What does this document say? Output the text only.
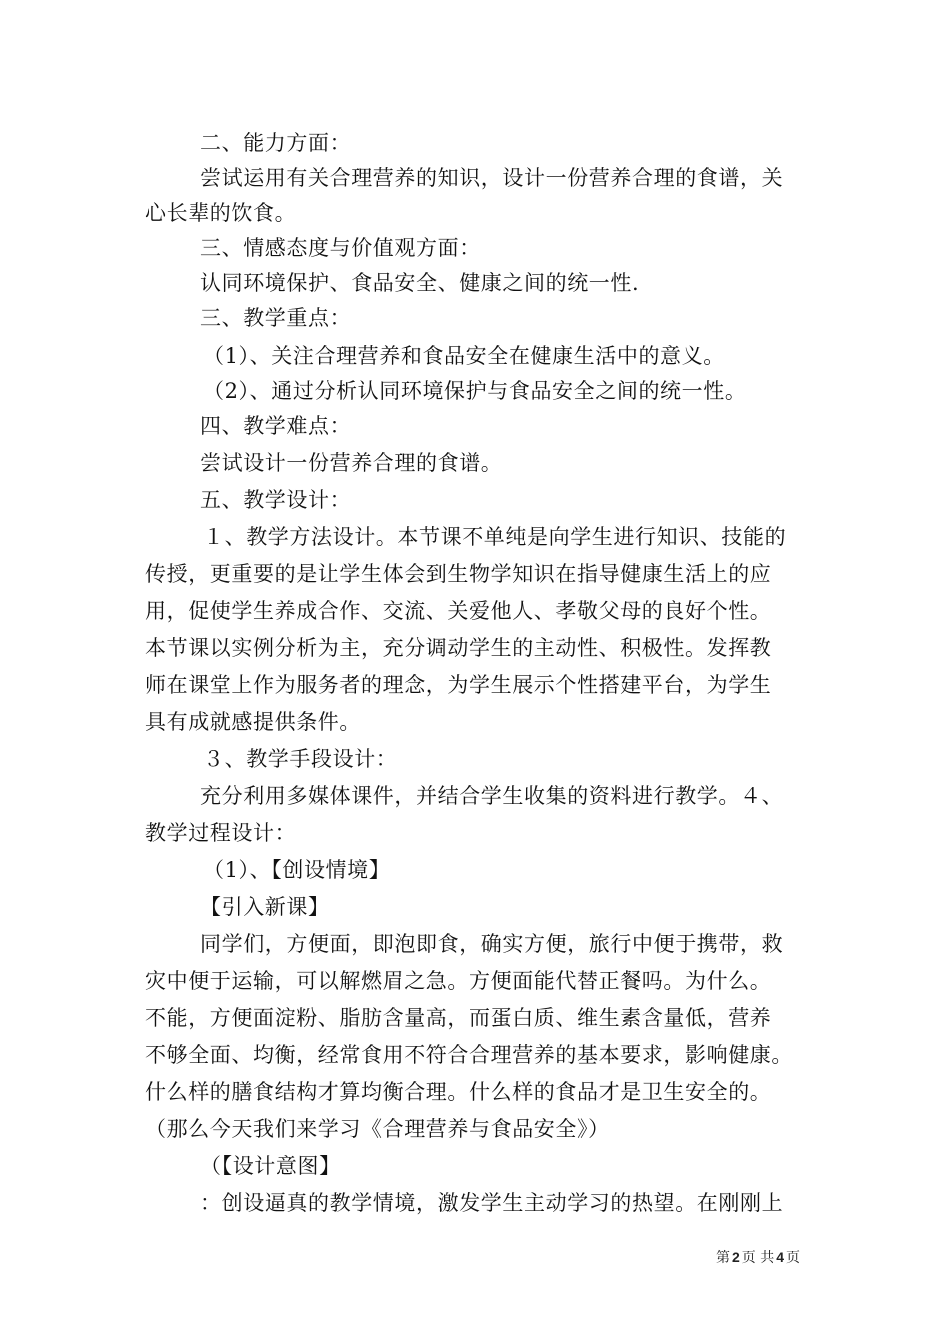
二、能力方面：
尝试运用有关合理营养的知识，设计一份营养合理的食谱，关
心长辈的饮食。
三、情感态度与价值观方面：
认同环境保护、食品安全、健康之间的统一性.
三、教学重点：
（1）、关注合理营养和食品安全在健康生活中的意义。
（2）、通过分析认同环境保护与食品安全之间的统一性。
四、教学难点：
尝试设计一份营养合理的食谱。
五、教学设计：
１、教学方法设计。本节课不单纯是向学生进行知识、技能的
传授，更重要的是让学生体会到生物学知识在指导健康生活上的应
用，促使学生养成合作、交流、关爱他人、孝敬父母的良好个性。
本节课以实例分析为主，充分调动学生的主动性、积极性。发挥教
师在课堂上作为服务者的理念，为学生展示个性搭建平台，为学生
具有成就感提供条件。
３、教学手段设计：
充分利用多媒体课件，并结合学生收集的资料进行教学。４、
教学过程设计：
（1）、【创设情境】
【引入新课】
同学们，方便面，即泡即食，确实方便，旅行中便于携带，救
灾中便于运输，可以解燃眉之急。方便面能代替正餐吗。为什么。
不能，方便面淀粉、脂肪含量高，而蛋白质、维生素含量低，营养
不够全面、均衡，经常食用不符合合理营养的基本要求，影响健康。
什么样的膳食结构才算均衡合理。什么样的食品才是卫生安全的。
（那么今天我们来学习《合理营养与食品安全》）
（【设计意图】
：创设逼真的教学情境，激发学生主动学习的热望。在刚刚上
第 2 页 共 4 页
